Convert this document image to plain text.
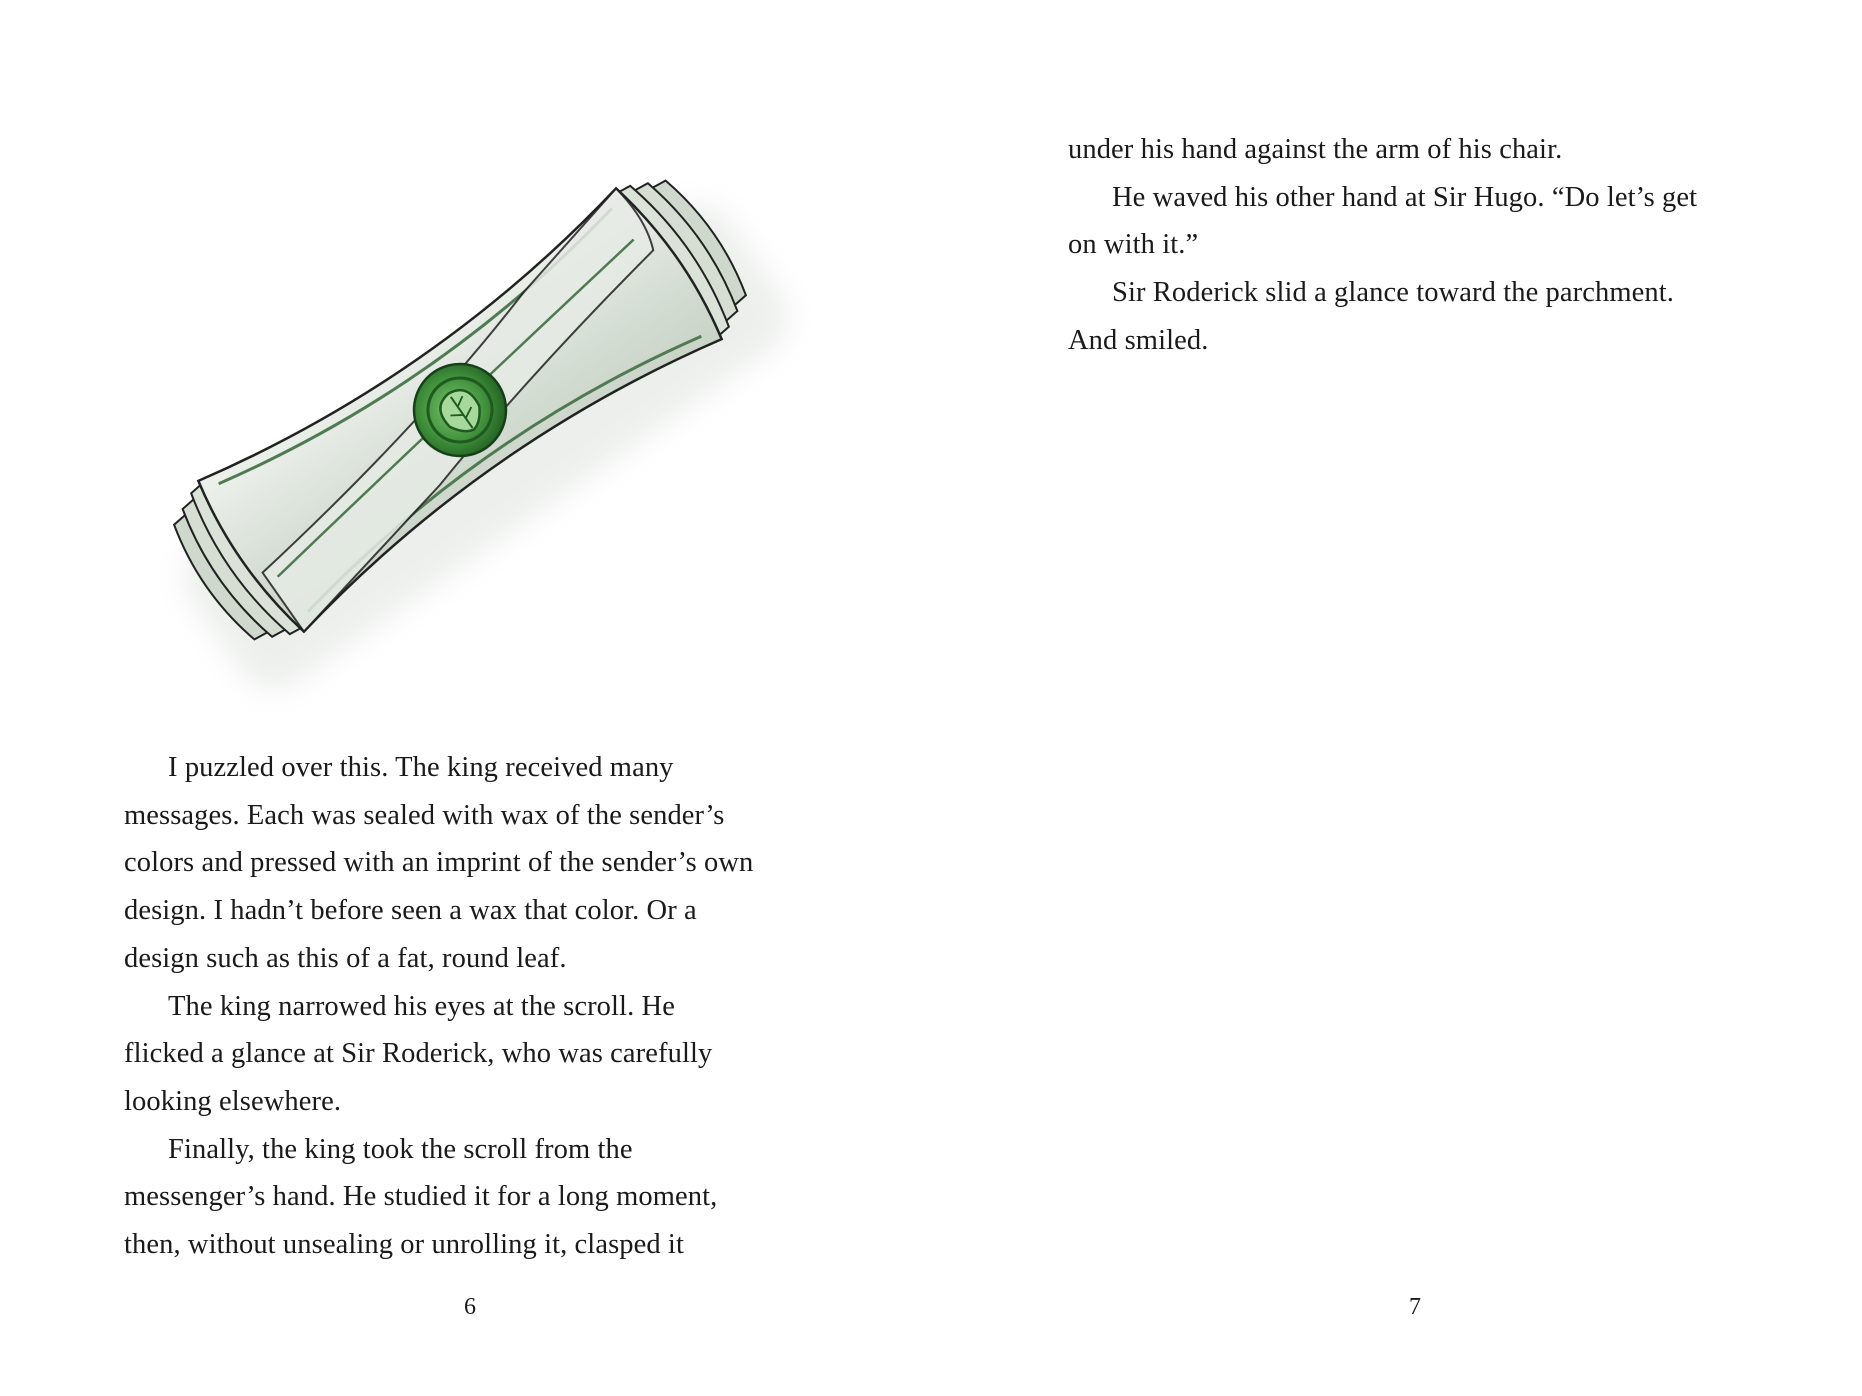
I puzzled over this. The king received many
messages. Each was sealed with wax of the sender’s
colors and pressed with an imprint of the sender’s own
design. I hadn’t before seen a wax that color. Or a
design such as this of a fat, round leaf.
The king narrowed his eyes at the scroll. He
flicked a glance at Sir Roderick, who was carefully
looking elsewhere.
Finally, the king took the scroll from the
messenger’s hand. He studied it for a long moment,
then, without unsealing or unrolling it, clasped it
6
under his hand against the arm of his chair.
He waved his other hand at Sir Hugo. “Do let’s get
on with it.”
Sir Roderick slid a glance toward the parchment.
And smiled.
7
